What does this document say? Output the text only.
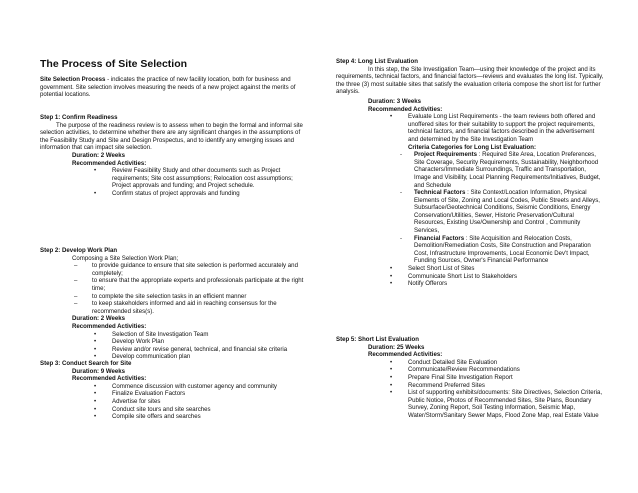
The Process of Site Selection

Site Selection Process - indicates the practice of new facility location, both for business and government. Site selection involves measuring the needs of a new project against the merits of potential locations.

Step 1: Confirm Readiness

The purpose of the readiness review is to assess when to begin the formal and informal site selection activities, to determine whether there are any significant changes in the assumptions of the Feasibility Study and Site and Design Prospectus, and to identify any emerging issues and information that can impact site selection.

Duration: 2 Weeks
Recommended Activities:
• Review Feasibility Study and other documents such as Project requirements; Site cost assumptions; Relocation cost assumptions; Project approvals and funding; and Project schedule.
• Confirm status of project approvals and funding
Step 2: Develop Work Plan
Composing a Site Selection Work Plan;
– to provide guidance to ensure that site selection is performed accurately and completely;
– to ensure that the appropriate experts and professionals participate at the right time;
– to complete the site selection tasks in an efficient manner
– to keep stakeholders informed and aid in reaching consensus for the recommended sites(s).
Duration: 2 Weeks
Recommended Activities:
• Selection of Site Investigation Team
• Develop Work Plan
• Review and/or revise general, technical, and financial site criteria
• Develop communication plan
Step 3: Conduct Search for Site
Duration: 9 Weeks
Recommended Activities:
• Commence discussion with customer agency and community
• Finalize Evaluation Factors
• Advertise for sites
• Conduct site tours and site searches
• Compile site offers and searches
Step 4: Long List Evaluation

In this step, the Site Investigation Team—using their knowledge of the project and its requirements, technical factors, and financial factors—reviews and evaluates the long list. Typically, the three (3) most suitable sites that satisfy the evaluation criteria compose the short list for further analysis.

Duration: 3 Weeks
Recommended Activities:
• Evaluate Long List Requirements - the team reviews both offered and unoffered sites for their suitability to support the project requirements, technical factors, and financial factors described in the advertisement and determined by the Site Investigation Team
Criteria Categories for Long List Evaluation:
- Project Requirements : Required Site Area, Location Preferences, Site Coverage, Security Requirements, Sustainability, Neighborhood Characters/Immediate Surroundings, Traffic and Transportation, Image and Visibility, Local Planning Requirements/Initiatives, Budget, and Schedule
- Technical Factors : Site Context/Location Information, Physical Elements of Site, Zoning and Local Codes, Public Streets and Alleys, Subsurface/Geotechnical Conditions, Seismic Conditions, Energy Conservation/Utilities, Sewer, Historic Preservation/Cultural Resources, Existing Use/Ownership and Control , Community Services,
- Financial Factors : Site Acquisition and Relocation Costs, Demolition/Remediation Costs, Site Construction and Preparation Cost, Infrastructure Improvements, Local Economic Dev't Impact, Funding Sources, Owner's Financial Performance
• Select Short List of Sites
• Communicate Short List to Stakeholders
• Notify Offerors
Step 5: Short List Evaluation
Duration: 25 Weeks
Recommended Activities:
• Conduct Detailed Site Evaluation
• Communicate/Review Recommendations
• Prepare Final Site Investigation Report
• Recommend Preferred Sites
• List of supporting exhibits/documents: Site Directives, Selection Criteria, Public Notice, Photos of Recommended Sites, Site Plans, Boundary Survey, Zoning Report, Soil Testing Information, Seismic Map, Water/Storm/Sanitary Sewer Maps, Flood Zone Map, real Estate Value
